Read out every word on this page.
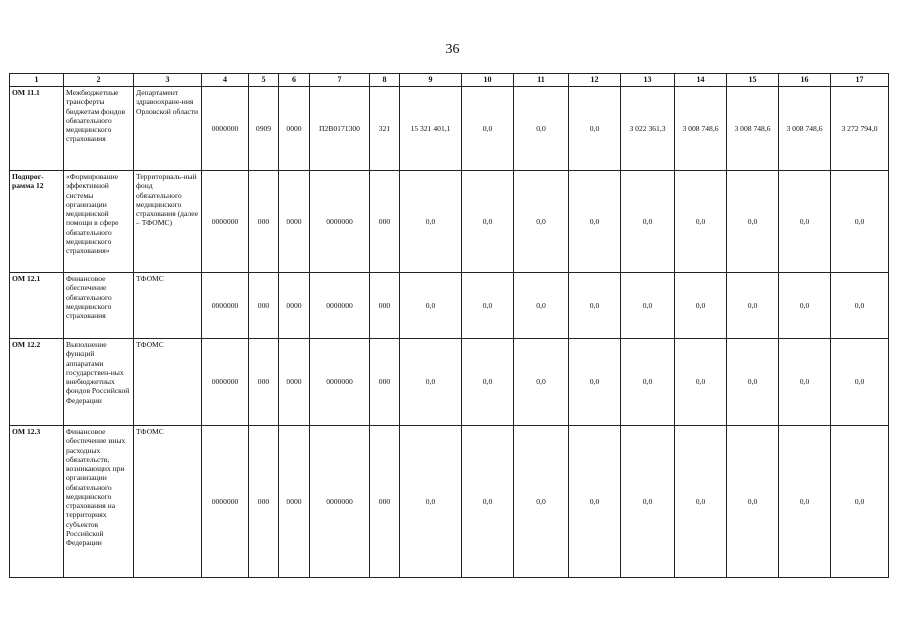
36
1	2	3	4	5	6	7	8	9	10	11	12	13	14	15	16	17
ОМ 11.1	Межбюджетные трансферты бюджетам фондов обязательного медицинского страхования	Департамент здравоохране-ния Орловской области	0000000	0909	0000	П2В0171300	321	15 321 401,1	0,0	0,0	0,0	3 022 361,3	3 008 748,6	3 008 748,6	3 008 748,6	3 272 794,0
Подпрог-рамма 12	«Формирование эффективной системы организации медицинской помощи в сфере обязательного медицинского страхования»	Территориаль-ный фонд обязательного медицинского страхования (далее – ТФОМС)	0000000	000	0000	0000000	000	0,0	0,0	0,0	0,0	0,0	0,0	0,0	0,0	0,0
ОМ 12.1	Финансовое обеспечение обязательного медицинского страхования	ТФОМС	0000000	000	0000	0000000	000	0,0	0,0	0,0	0,0	0,0	0,0	0,0	0,0	0,0
ОМ 12.2	Выполнение функций аппаратами государствен-ных внебюджетных фондов Российской Федерации	ТФОМС	0000000	000	0000	0000000	000	0,0	0,0	0,0	0,0	0,0	0,0	0,0	0,0	0,0
ОМ 12.3	Финансовое обеспечение иных расходных обязательств, возникающих при организации обязательного медицинского страхования на территориях субъектов Российской Федерации	ТФОМС	0000000	000	0000	0000000	000	0,0	0,0	0,0	0,0	0,0	0,0	0,0	0,0	0,0
